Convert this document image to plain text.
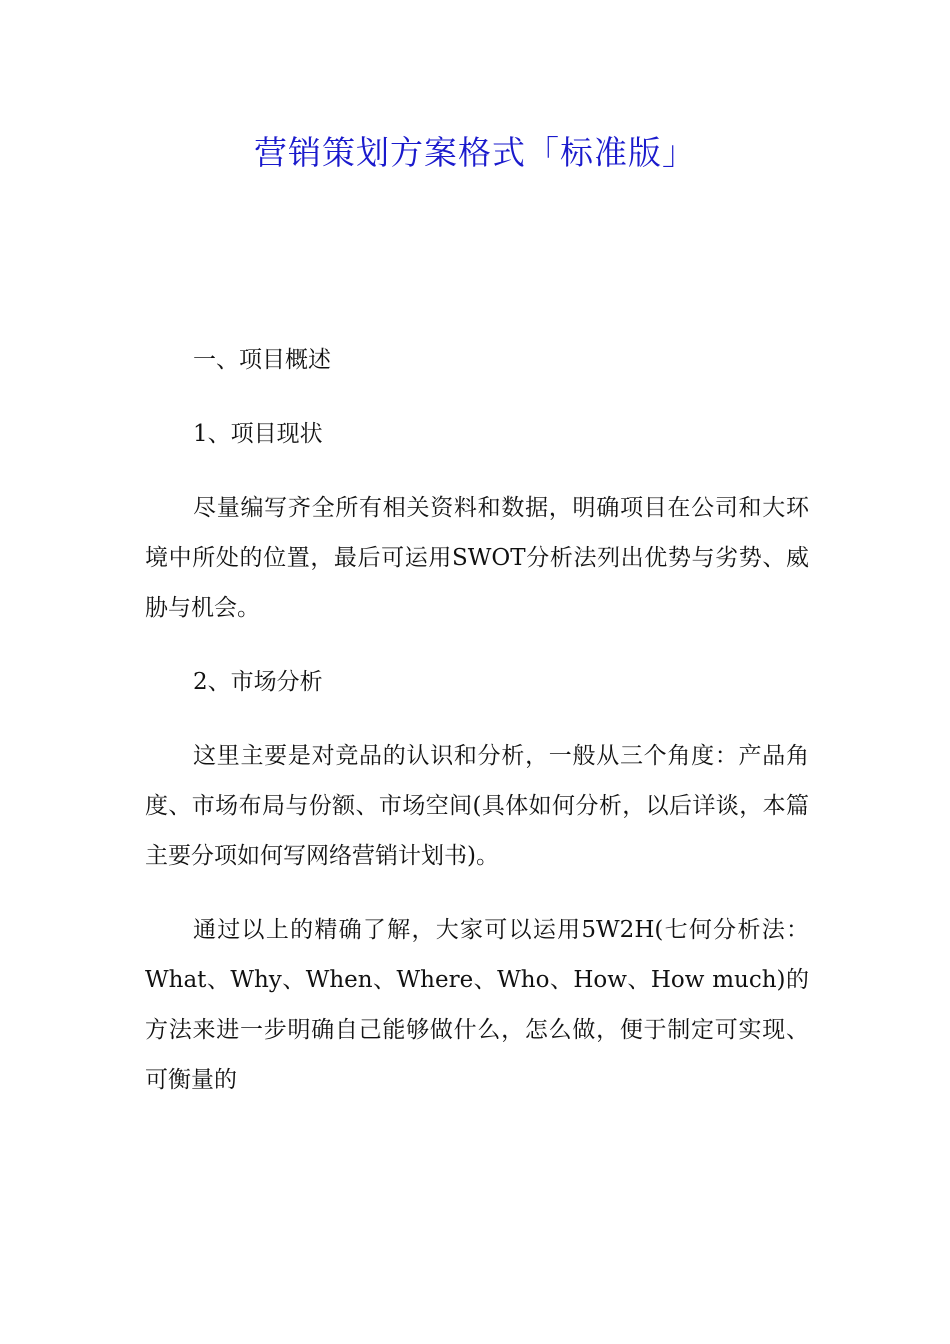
营销策划方案格式「标准版」

一、项目概述

1、项目现状

尽量编写齐全所有相关资料和数据，明确项目在公司和大环境中所处的位置，最后可运用SWOT分析法列出优势与劣势、威胁与机会。

2、市场分析

这里主要是对竞品的认识和分析，一般从三个角度：产品角度、市场布局与份额、市场空间(具体如何分析，以后详谈，本篇主要分项如何写网络营销计划书)。

通过以上的精确了解，大家可以运用5W2H(七何分析法：What、Why、When、Where、Who、How、How much)的方法来进一步明确自己能够做什么，怎么做，便于制定可实现、可衡量的
